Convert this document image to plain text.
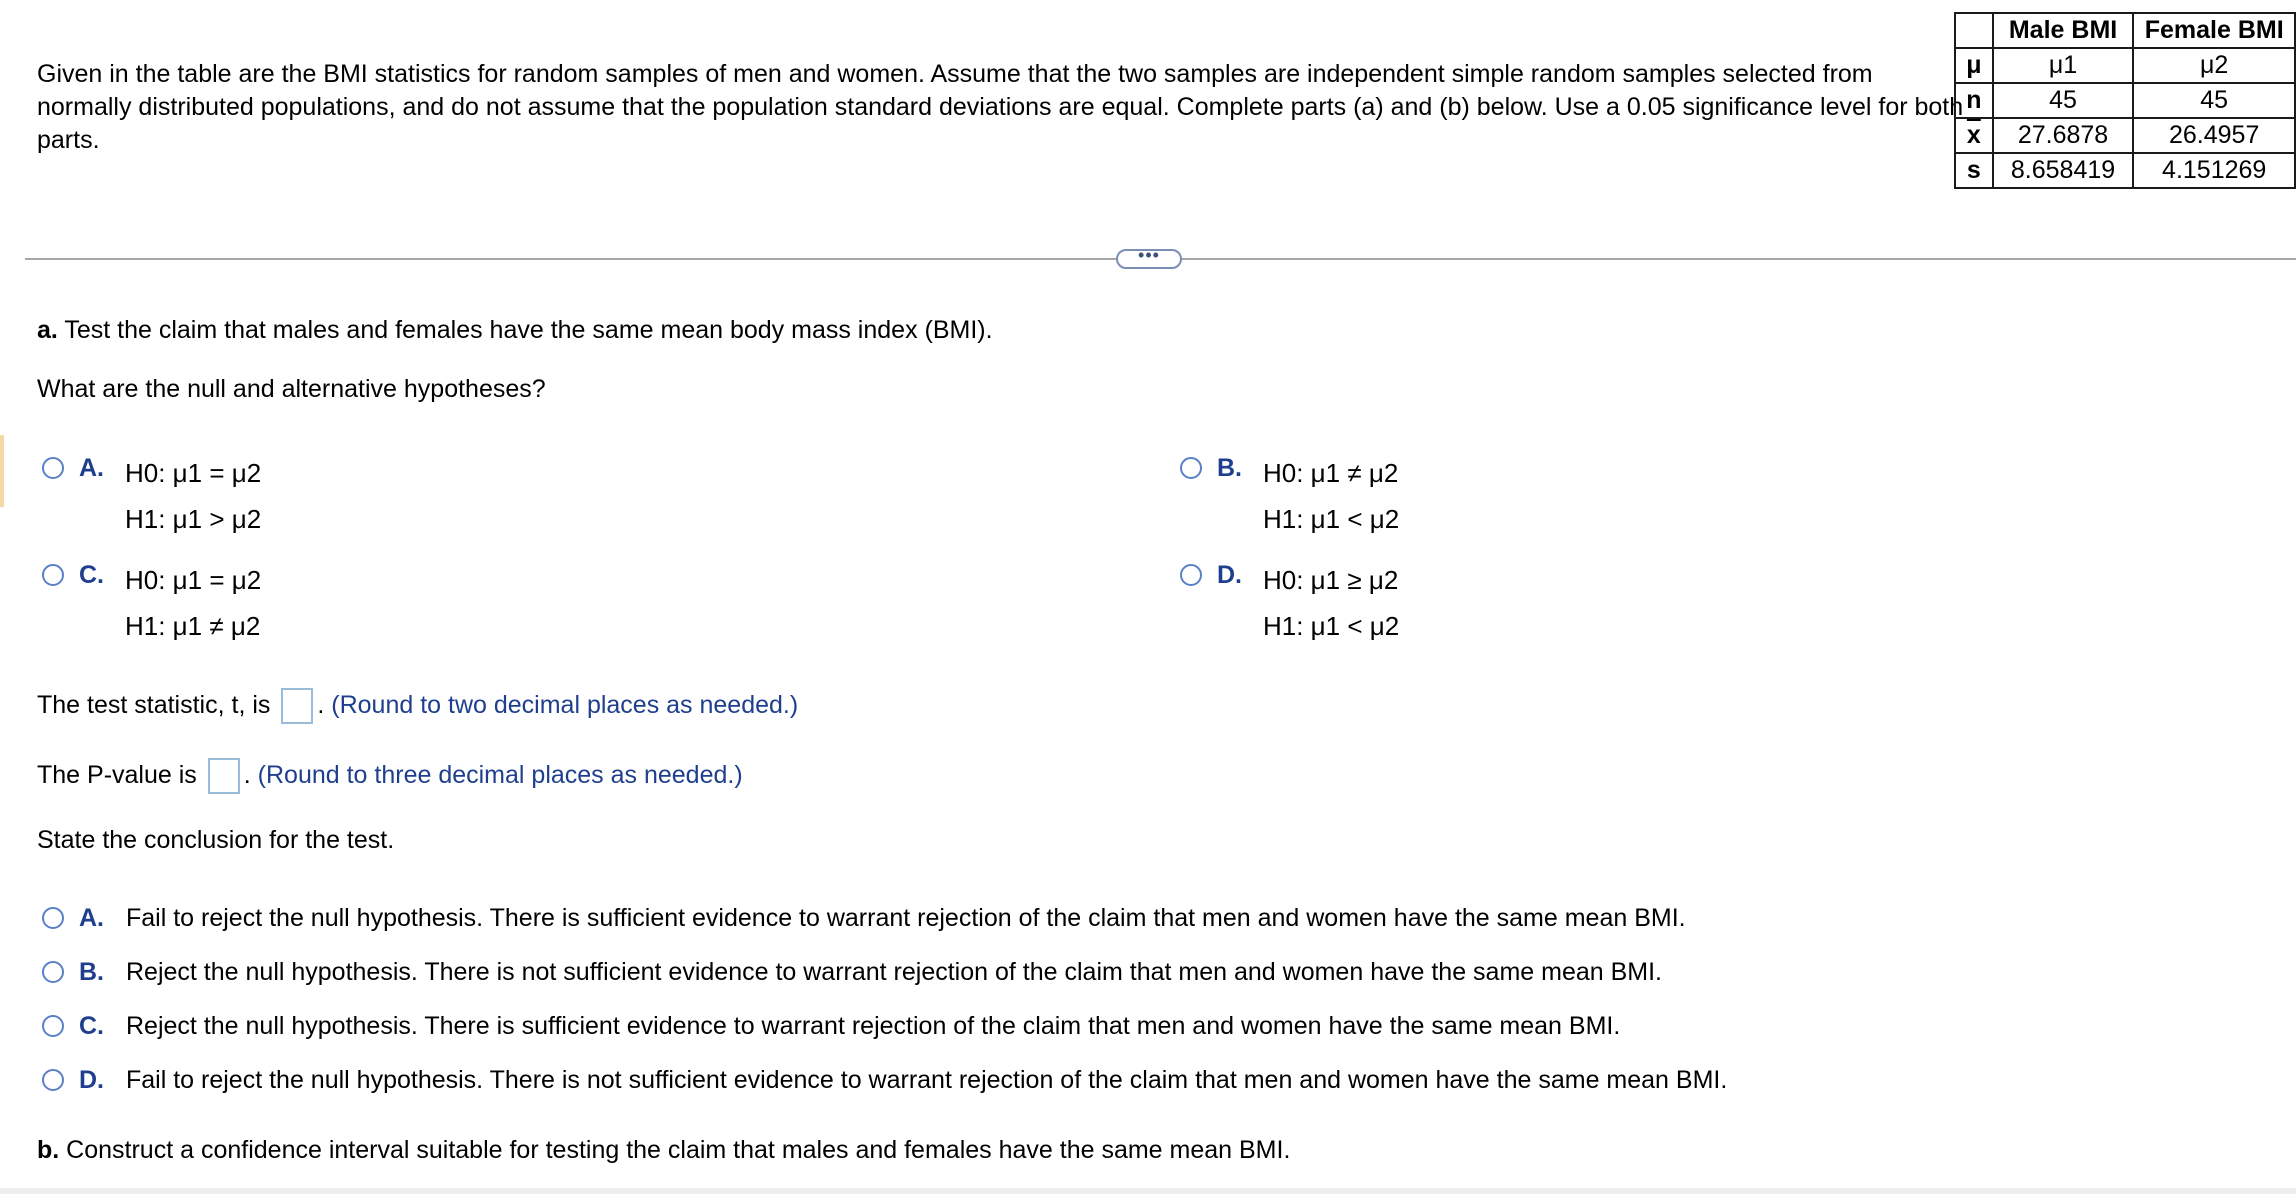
Given in the table are the BMI statistics for random samples of men and women. Assume that the two samples are independent simple random samples selected from normally distributed populations, and do not assume that the population standard deviations are equal. Complete parts (a) and (b) below. Use a 0.05 significance level for both parts.
	Male BMI	Female BMI
μ	μ1	μ2
n	45	45
$\overline{x}$	27.6878	26.4957
s	8.658419	4.151269
•••
a. Test the claim that males and females have the same mean body mass index (BMI).
What are the null and alternative hypotheses?
A. H0: μ1 = μ2
H1: μ1 > μ2
B. H0: μ1 ≠ μ2
H1: μ1 < μ2
C. H0: μ1 = μ2
H1: μ1 ≠ μ2
D. H0: μ1 ≥ μ2
H1: μ1 < μ2
The test statistic, t, is . (Round to two decimal places as needed.)
The P-value is . (Round to three decimal places as needed.)
State the conclusion for the test.
A. Fail to reject the null hypothesis. There is sufficient evidence to warrant rejection of the claim that men and women have the same mean BMI.
B. Reject the null hypothesis. There is not sufficient evidence to warrant rejection of the claim that men and women have the same mean BMI.
C. Reject the null hypothesis. There is sufficient evidence to warrant rejection of the claim that men and women have the same mean BMI.
D. Fail to reject the null hypothesis. There is not sufficient evidence to warrant rejection of the claim that men and women have the same mean BMI.
b. Construct a confidence interval suitable for testing the claim that males and females have the same mean BMI.
